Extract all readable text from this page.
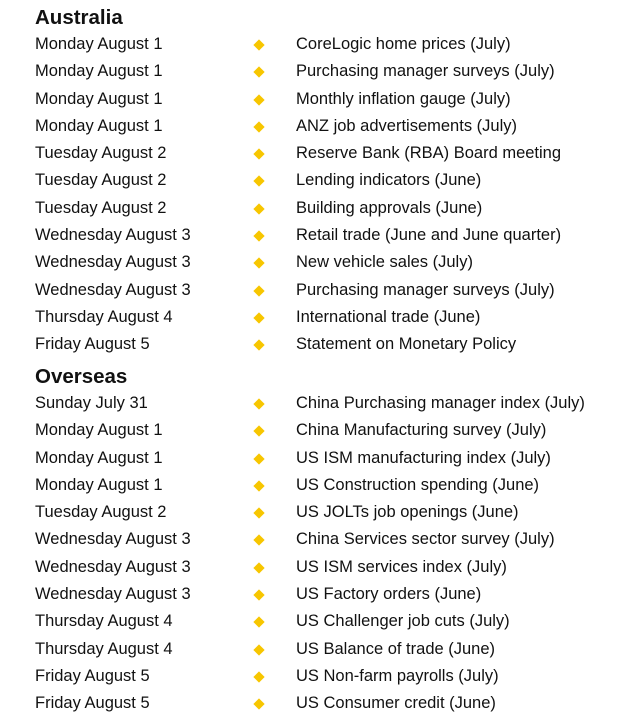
Australia
Monday August 1	CoreLogic home prices (July)
Monday August 1	Purchasing manager surveys (July)
Monday August 1	Monthly inflation gauge (July)
Monday August 1	ANZ job advertisements (July)
Tuesday August 2	Reserve Bank (RBA) Board meeting
Tuesday August 2	Lending indicators (June)
Tuesday August 2	Building approvals (June)
Wednesday August 3	Retail trade (June and June quarter)
Wednesday August 3	New vehicle sales (July)
Wednesday August 3	Purchasing manager surveys (July)
Thursday August 4	International trade (June)
Friday August 5	Statement on Monetary Policy
Overseas
Sunday July 31	China Purchasing manager index (July)
Monday August 1	China Manufacturing survey (July)
Monday August 1	US ISM manufacturing index (July)
Monday August 1	US Construction spending (June)
Tuesday August 2	US JOLTs job openings (June)
Wednesday August 3	China Services sector survey (July)
Wednesday August 3	US ISM services index (July)
Wednesday August 3	US Factory orders (June)
Thursday August 4	US Challenger job cuts (July)
Thursday August 4	US Balance of trade (June)
Friday August 5	US Non-farm payrolls (July)
Friday August 5	US Consumer credit (June)
